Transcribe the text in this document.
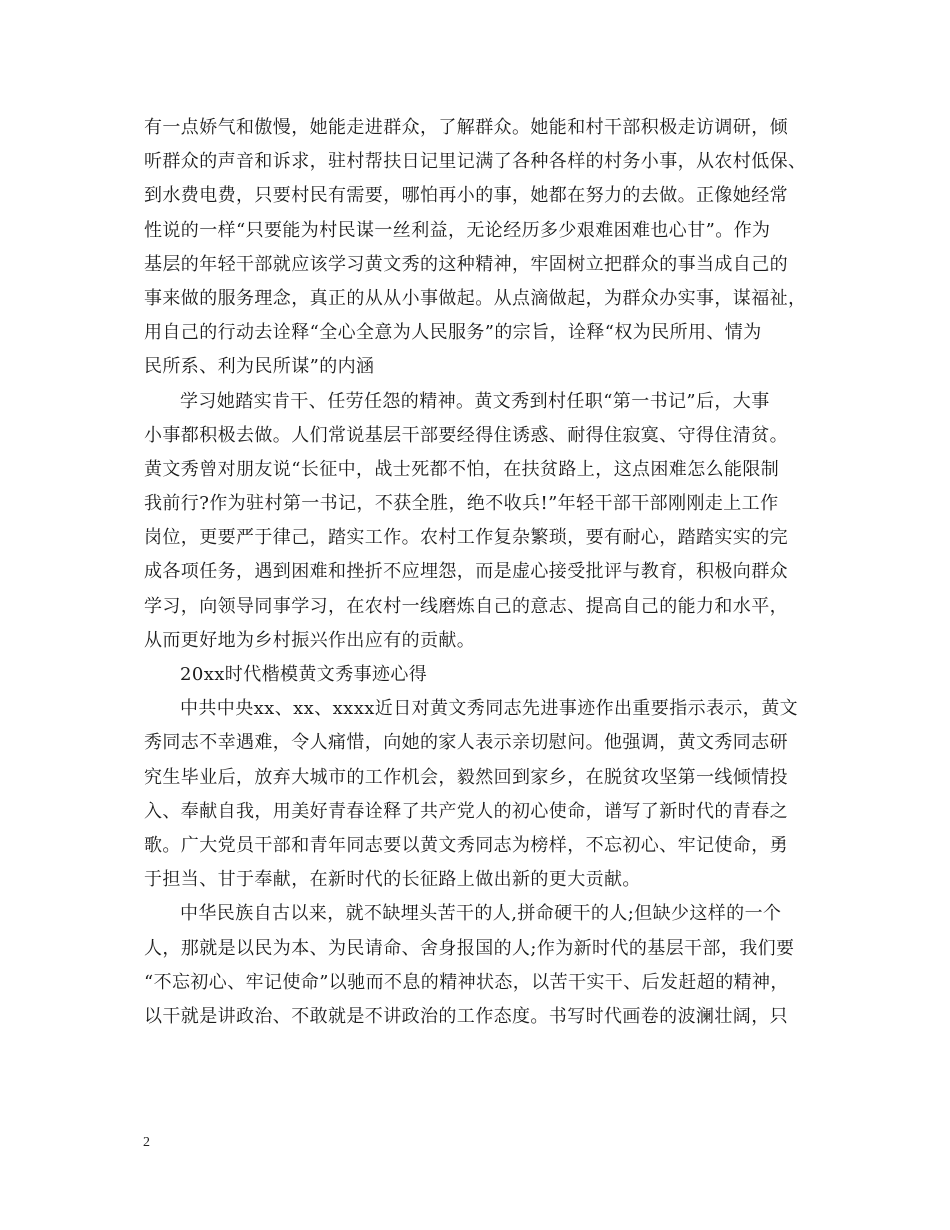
有一点娇气和傲慢，她能走进群众，了解群众。她能和村干部积极走访调研，倾
听群众的声音和诉求，驻村帮扶日记里记满了各种各样的村务小事，从农村低保、
到水费电费，只要村民有需要，哪怕再小的事，她都在努力的去做。正像她经常
性说的一样“只要能为村民谋一丝利益，无论经历多少艰难困难也心甘”。作为
基层的年轻干部就应该学习黄文秀的这种精神，牢固树立把群众的事当成自己的
事来做的服务理念，真正的从从小事做起。从点滴做起，为群众办实事，谋福祉，
用自己的行动去诠释“全心全意为人民服务”的宗旨，诠释“权为民所用、情为
民所系、利为民所谋”的内涵
学习她踏实肯干、任劳任怨的精神。黄文秀到村任职“第一书记”后，大事
小事都积极去做。人们常说基层干部要经得住诱惑、耐得住寂寞、守得住清贫。
黄文秀曾对朋友说“长征中，战士死都不怕，在扶贫路上，这点困难怎么能限制
我前行?作为驻村第一书记，不获全胜，绝不收兵!”年轻干部干部刚刚走上工作
岗位，更要严于律己，踏实工作。农村工作复杂繁琐，要有耐心，踏踏实实的完
成各项任务，遇到困难和挫折不应埋怨，而是虚心接受批评与教育，积极向群众
学习，向领导同事学习，在农村一线磨炼自己的意志、提高自己的能力和水平，
从而更好地为乡村振兴作出应有的贡献。
20xx时代楷模黄文秀事迹心得
中共中央xx、xx、xxxx近日对黄文秀同志先进事迹作出重要指示表示，黄文
秀同志不幸遇难，令人痛惜，向她的家人表示亲切慰问。他强调，黄文秀同志研
究生毕业后，放弃大城市的工作机会，毅然回到家乡，在脱贫攻坚第一线倾情投
入、奉献自我，用美好青春诠释了共产党人的初心使命，谱写了新时代的青春之
歌。广大党员干部和青年同志要以黄文秀同志为榜样，不忘初心、牢记使命，勇
于担当、甘于奉献，在新时代的长征路上做出新的更大贡献。
中华民族自古以来，就不缺埋头苦干的人,拼命硬干的人;但缺少这样的一个
人，那就是以民为本、为民请命、舍身报国的人;作为新时代的基层干部，我们要
“不忘初心、牢记使命”以驰而不息的精神状态，以苦干实干、后发赶超的精神，
以干就是讲政治、不敢就是不讲政治的工作态度。书写时代画卷的波澜壮阔，只
2
